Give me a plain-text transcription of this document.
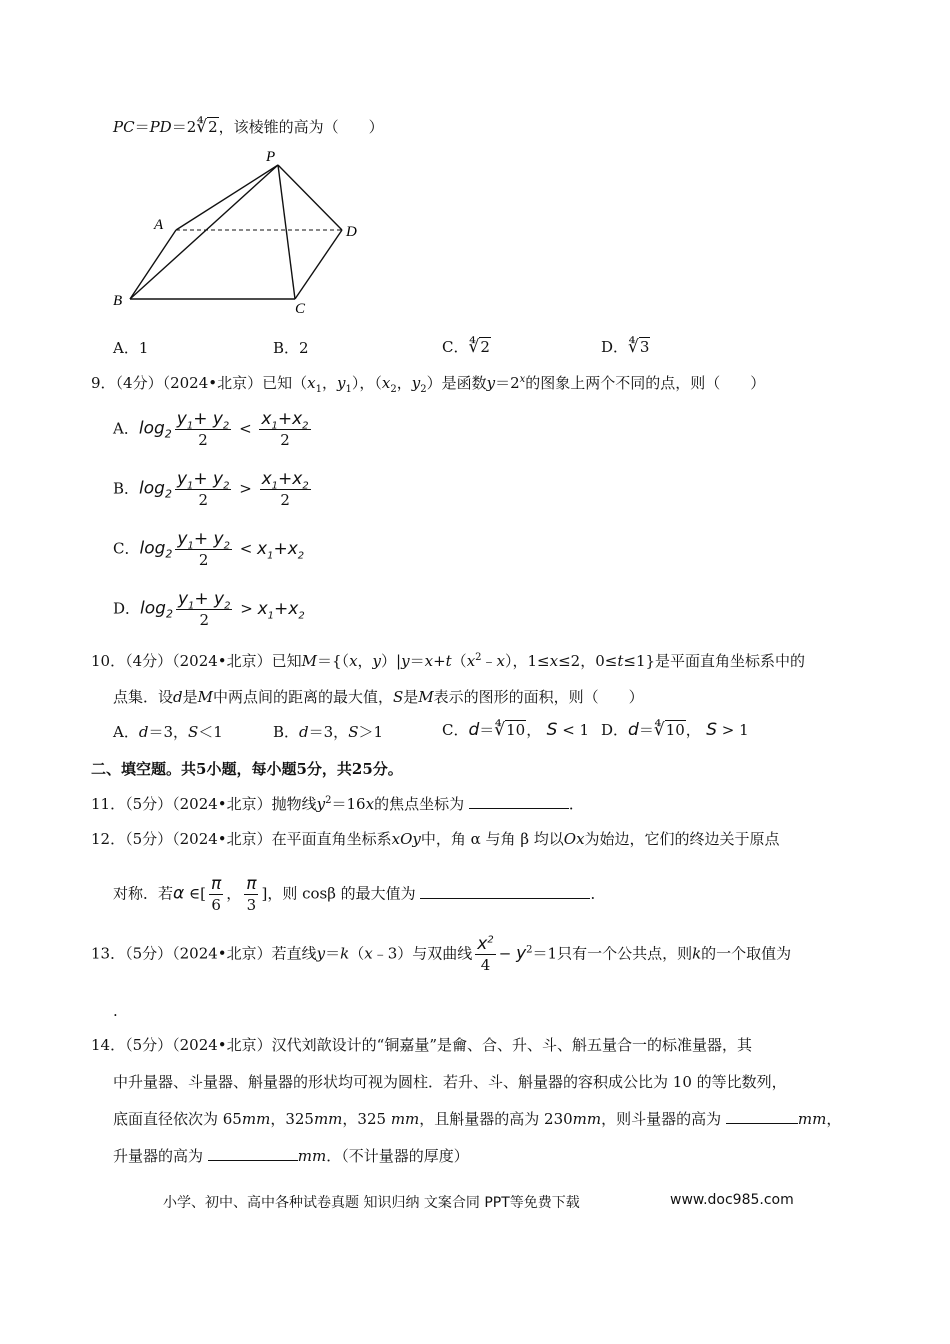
PC＝PD＝2∜2，该棱锥的高为（　　）
P
A
B	C
D
A．1	B．2	C．∜2	D．∜3
9．（4分）（2024•北京）已知（$x_1$，$y_1$），（$x_2$，$y_2$）是函数$y=2^x$的图象上两个不同的点，则（　　）
A．$\log_2 \frac{y_1+ y_2}{2} < \frac{x_1+x_2}{2}$
B．$\log_2 \frac{y_1+ y_2}{2} > \frac{x_1+x_2}{2}$
C．$\log_2 \frac{y_1+ y_2}{2} < x_1+x_2$
D．$\log_2 \frac{y_1+ y_2}{2} > x_1+x_2$
10．（4分）（2024•北京）已知M＝{（x，$y)|y=x+t(x^2﹣x)$，1≤x≤2，0≤t≤1}是平面直角坐标系中的
点集．设d是M中两点间的距离的最大值，S是M表示的图形的面积，则（　　）
A．d＝3，S＜1	B．d＝3，S＞1	C．d＝∜10， S < 1 D．d＝∜10， S > 1
二、填空题。共5小题，每小题5分，共25分。
11．（5分）（2024•北京）抛物线$y^2=16x$的焦点坐标为	．
12．（5分）（2024•北京）在平面直角坐标系xOy中，角 α 与角 β 均以Ox为始边，它们的终边关于原点
对称．若α ∈[ $\frac{\pi}{6}$ ， $\frac{\pi}{3}$ ]，则 cosβ 的最大值为	．
13．（5分）（2024•北京）若直线y＝k（x﹣3）与双曲线 $\frac{x^2}{4} - y^2=1$只有一个公共点，则k的一个取值为
.
14．（5分）（2024•北京）汉代刘歆设计的“铜嘉量”是龠、合、升、斗、斛五量合一的标准量器，其
中升量器、斗量器、斛量器的形状均可视为圆柱．若升、斗、斛量器的容积成公比为 10 的等比数列，
底面直径依次为 65mm，325mm，325 mm，且斛量器的高为 230mm，则斗量器的高为	mm，
升量器的高为	mm．（不计量器的厚度）
小学、初中、高中各种试卷真题 知识归纳 文案合同 PPT等免费下载	www.doc985.com
